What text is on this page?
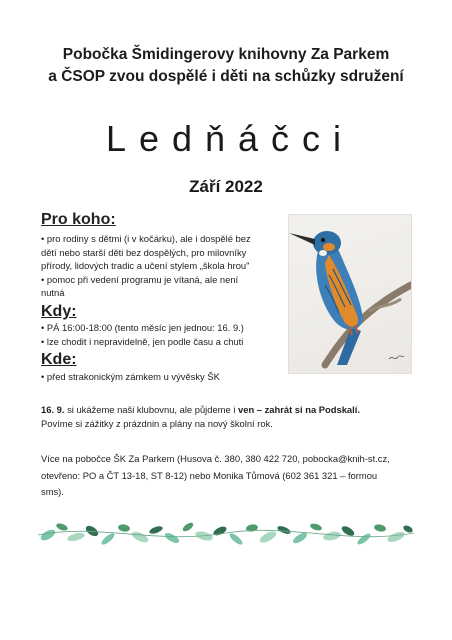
Pobočka Šmidingerovy knihovny Za Parkem
a ČSOP zvou dospělé i děti na schůzky sdružení
Ledňáčci
Září 2022
Pro koho:
• pro rodiny s dětmi (i v kočárku), ale i dospělé bez
dětí nebo starší děti bez dospělých, pro milovníky
přírody, lidových tradic a učení stylem „škola hrou"
• pomoc při vedení programu je vítaná, ale není
nutná
Kdy:
• PÁ 16:00-18:00 (tento měsíc jen jednou: 16. 9.)
• lze chodit i nepravidelně, jen podle času a chuti
Kde:
• před strakonickým zámkem u vývěsky ŠK
16. 9. si ukážeme naši klubovnu, ale půjdeme i ven – zahrát si na Podskalí.
Povíme si zážitky z prázdnin a plány na nový školní rok.
Více na pobočce ŠK Za Parkem (Husova č. 380, 380 422 720, pobocka@knih-st.cz,
otevřeno: PO a ČT 13-18, ST 8-12) nebo Monika Tůmová (602 361 321 – formou
sms).
